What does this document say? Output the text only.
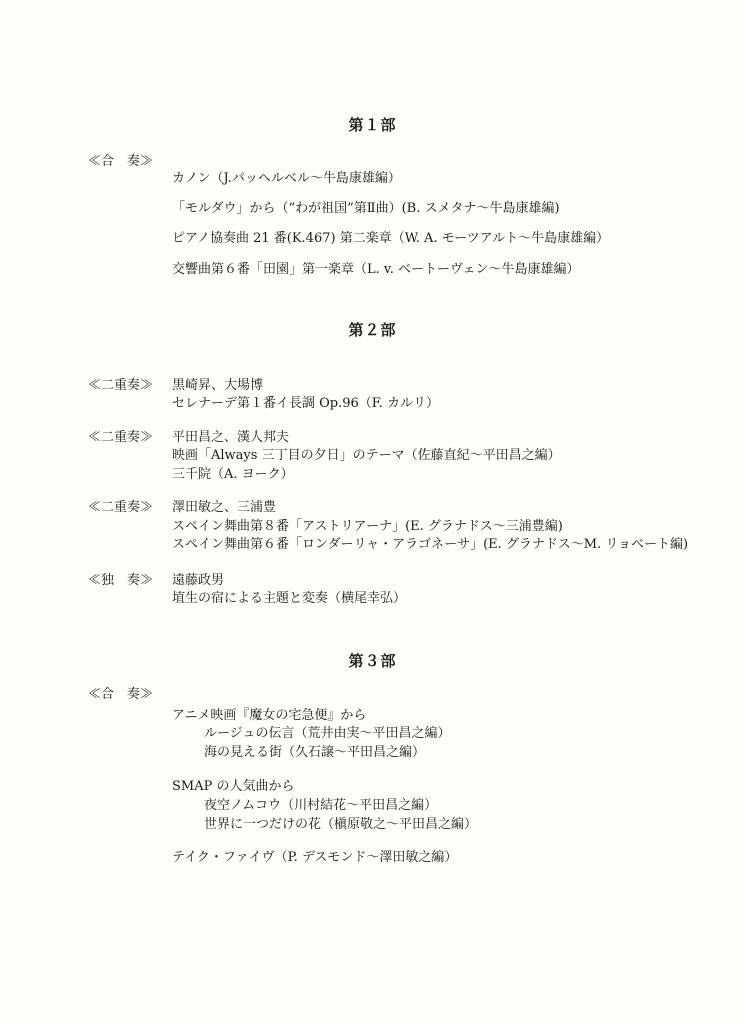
第１部
≪合　奏≫
カノン（J.パッヘルベル〜牛島康雄編）
「モルダウ」から（“わが祖国”第Ⅱ曲）(B. スメタナ〜牛島康雄編)
ピアノ協奏曲 21 番(K.467) 第二楽章（W. A. モーツアルト〜牛島康雄編）
交響曲第６番「田園」第一楽章（L. v. ベートーヴェン〜牛島康雄編）
第２部
≪二重奏≫ 黒崎昇、大場博
セレナーデ第１番イ長調 Op.96（F. カルリ）
≪二重奏≫ 平田昌之、漢人邦夫
映画「Always 三丁目の夕日」のテーマ（佐藤直紀〜平田昌之編）
三千院（A. ヨーク）
≪二重奏≫ 澤田敏之、三浦豊
スペイン舞曲第８番「アストリアーナ」(E. グラナドス〜三浦豊編)
スペイン舞曲第６番「ロンダーリャ・アラゴネーサ」(E. グラナドス〜M. リョベート編)
≪独　奏≫ 遠藤政男
埴生の宿による主題と変奏（横尾幸弘）
第３部
≪合　奏≫
アニメ映画『魔女の宅急便』から
ルージュの伝言（荒井由実〜平田昌之編）
海の見える街（久石譲〜平田昌之編）
SMAP の人気曲から
夜空ノムコウ（川村結花〜平田昌之編）
世界に一つだけの花（槇原敬之〜平田昌之編）
テイク・ファイヴ（P. デスモンド〜澤田敏之編）
